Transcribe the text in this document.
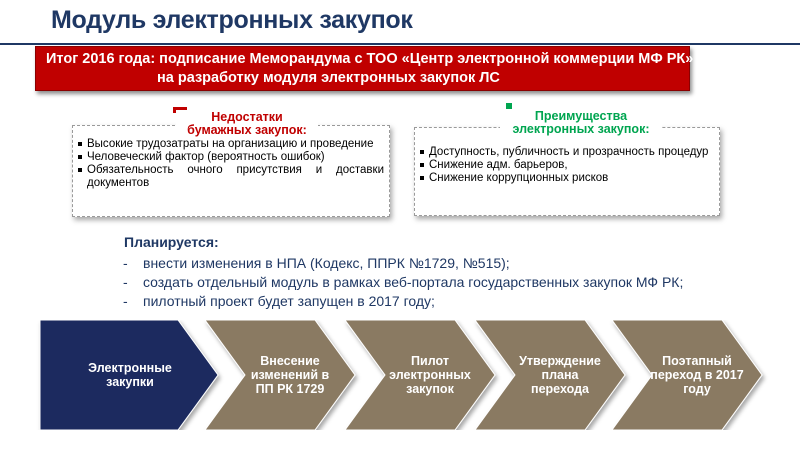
Модуль электронных закупок
Итог 2016 года: подписание Меморандума с ТОО «Центр электронной коммерции МФ РК»
на разработку модуля электронных закупок ЛС
Высокие трудозатраты на организацию и проведение
Человеческий фактор (вероятность ошибок)
Обязательность очного присутствия и доставки документов
Недостатки
бумажных закупок:
Доступность, публичность и прозрачность процедур
Снижение адм. барьеров,
Снижение коррупционных рисков
Преимущества
электронных закупок:
Планируется:
- внести изменения в НПА (Кодекс, ППРК №1729, №515);
- создать отдельный модуль в рамках веб-портала государственных закупок МФ РК;
- пилотный проект будет запущен в 2017 году;
Электронные закупки
Внесение изменений в ПП РК 1729
Пилот электронных закупок
Утверждение плана перехода
Поэтапный переход в 2017 году
